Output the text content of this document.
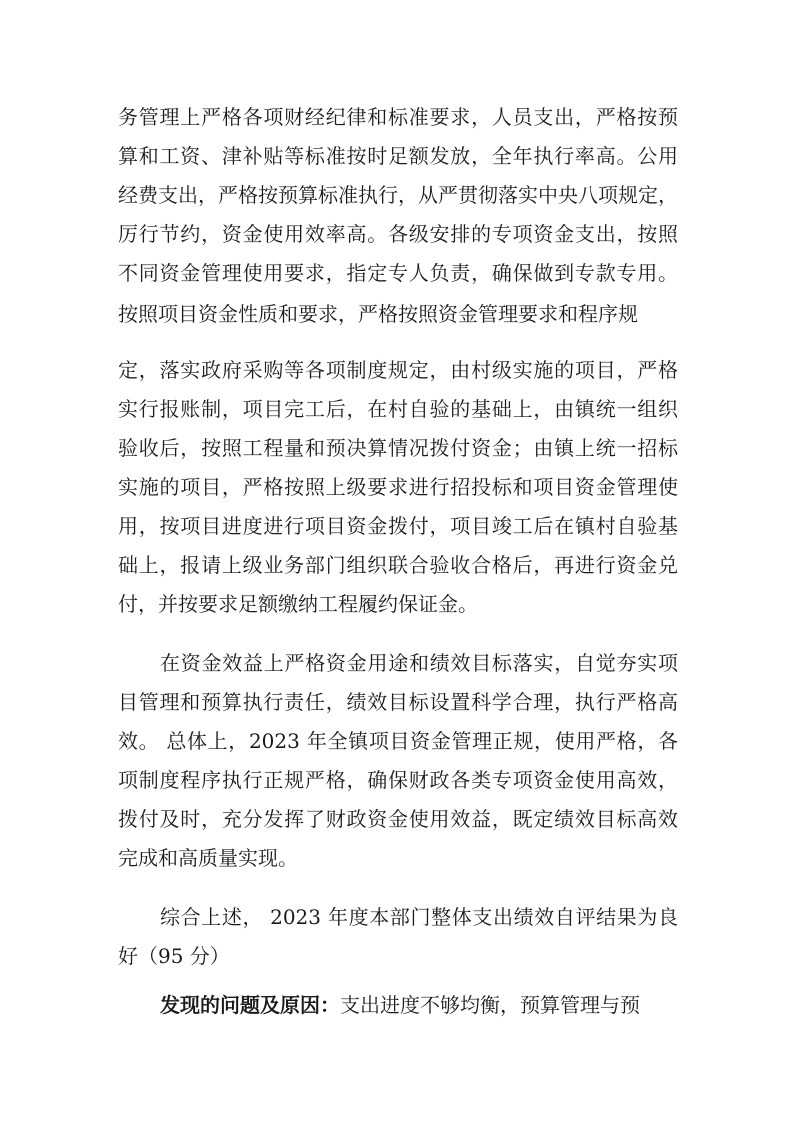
务管理上严格各项财经纪律和标准要求，人员支出，严格按预
算和工资、津补贴等标准按时足额发放，全年执行率高。公用
经费支出，严格按预算标准执行，从严贯彻落实中央八项规定，
厉行节约，资金使用效率高。各级安排的专项资金支出，按照
不同资金管理使用要求，指定专人负责，确保做到专款专用。
按照项目资金性质和要求，严格按照资金管理要求和程序规
定，落实政府采购等各项制度规定，由村级实施的项目，严格
实行报账制，项目完工后，在村自验的基础上，由镇统一组织
验收后，按照工程量和预决算情况拨付资金；由镇上统一招标
实施的项目，严格按照上级要求进行招投标和项目资金管理使
用，按项目进度进行项目资金拨付，项目竣工后在镇村自验基
础上，报请上级业务部门组织联合验收合格后，再进行资金兑
付，并按要求足额缴纳工程履约保证金。
在资金效益上严格资金用途和绩效目标落实，自觉夯实项
目管理和预算执行责任，绩效目标设置科学合理，执行严格高
效。 总体上，2023 年全镇项目资金管理正规，使用严格，各
项制度程序执行正规严格，确保财政各类专项资金使用高效，
拨付及时，充分发挥了财政资金使用效益，既定绩效目标高效
完成和高质量实现。
综合上述， 2023 年度本部门整体支出绩效自评结果为良
好（95 分）
发现的问题及原因：支出进度不够均衡，预算管理与预
